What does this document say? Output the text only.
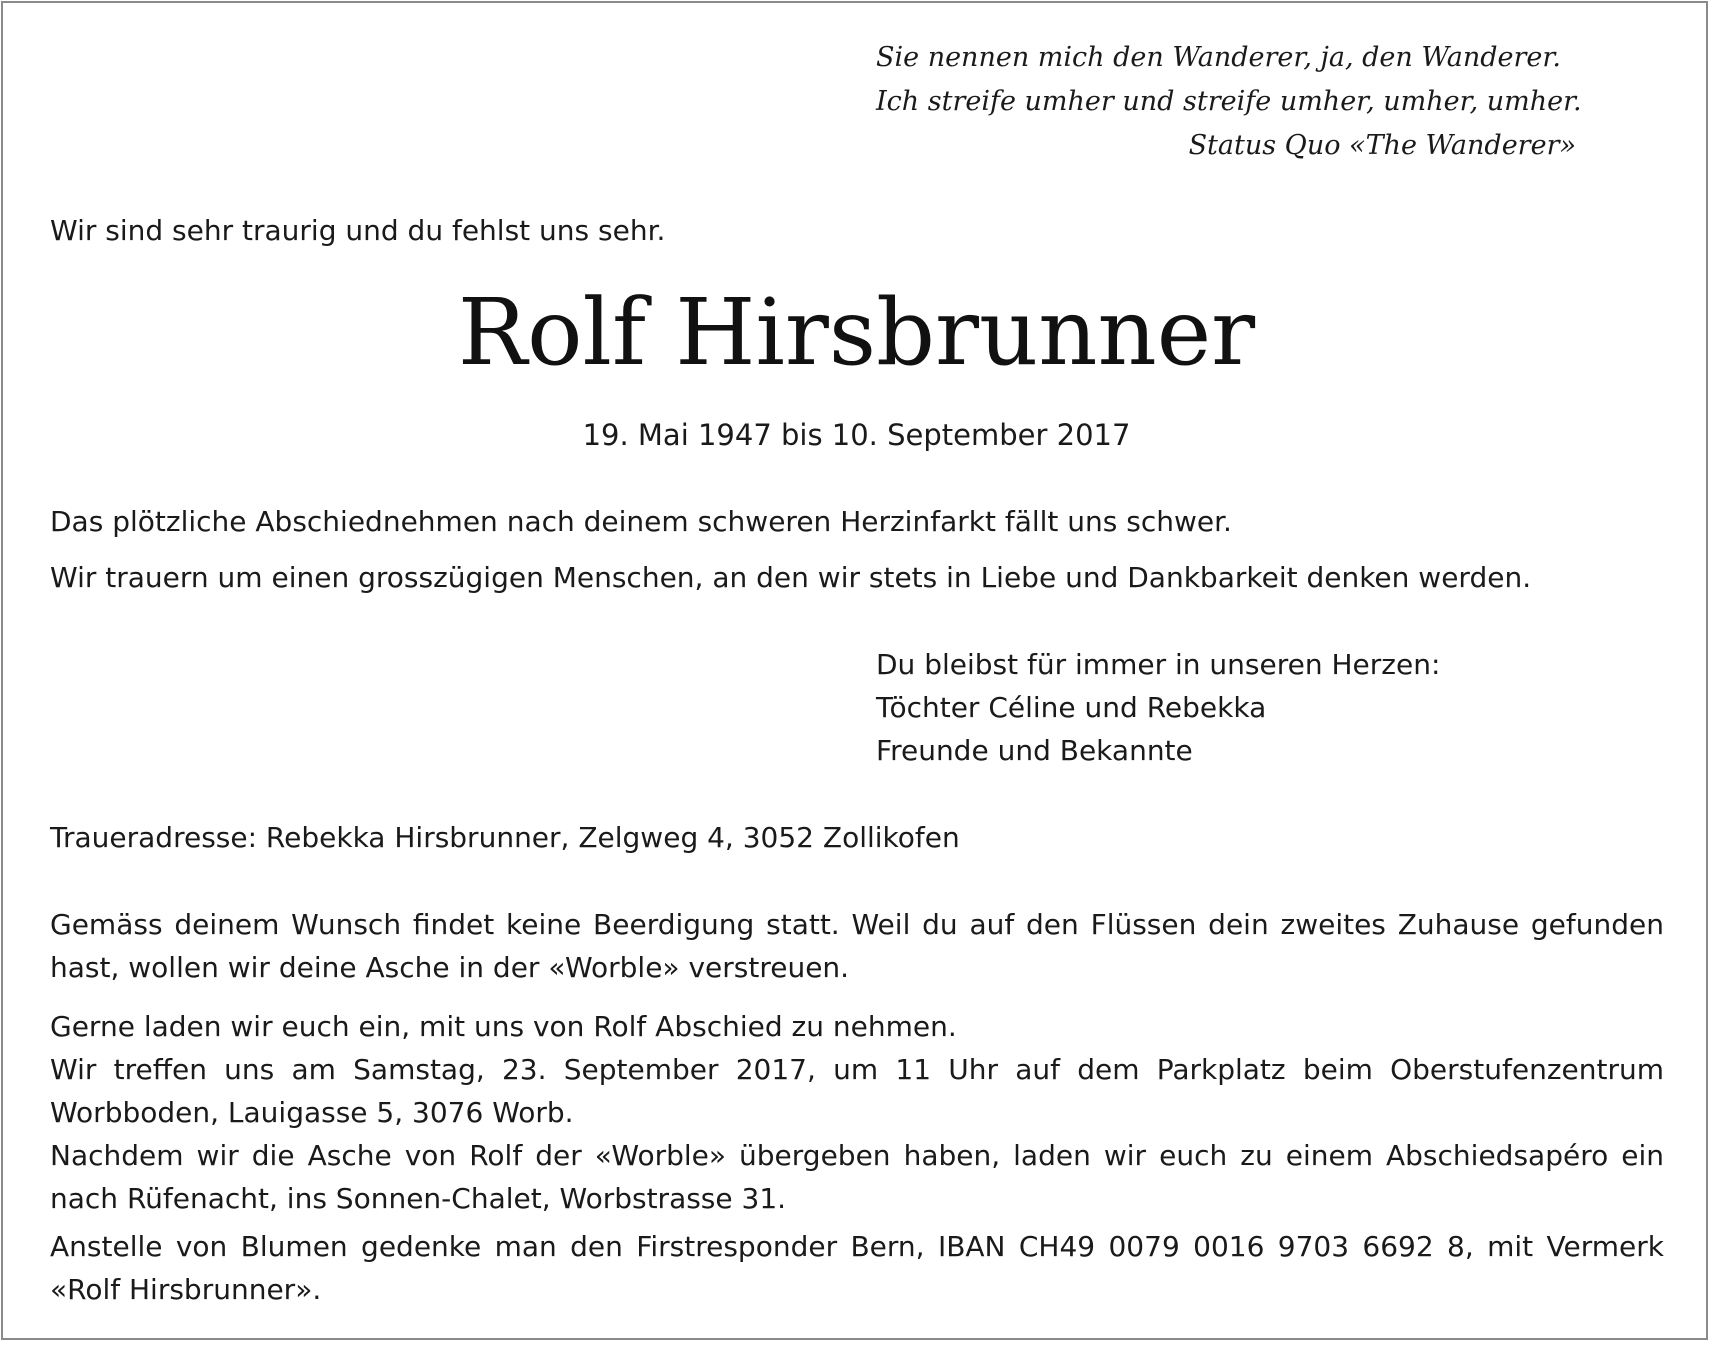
Sie nennen mich den Wanderer, ja, den Wanderer.
Ich streife umher und streife umher, umher, umher.
Status Quo «The Wanderer»
Wir sind sehr traurig und du fehlst uns sehr.
Rolf Hirsbrunner
19. Mai 1947 bis 10. September 2017
Das plötzliche Abschiednehmen nach deinem schweren Herzinfarkt fällt uns schwer.
Wir trauern um einen grosszügigen Menschen, an den wir stets in Liebe und Dankbarkeit denken werden.
Du bleibst für immer in unseren Herzen:
Töchter Céline und Rebekka
Freunde und Bekannte
Traueradresse: Rebekka Hirsbrunner, Zelgweg 4, 3052 Zollikofen
Gemäss deinem Wunsch findet keine Beerdigung statt. Weil du auf den Flüssen dein zweites Zuhause gefunden
hast, wollen wir deine Asche in der «Worble» verstreuen.
Gerne laden wir euch ein, mit uns von Rolf Abschied zu nehmen.
Wir treffen uns am Samstag, 23. September 2017, um 11 Uhr auf dem Parkplatz beim Oberstufenzentrum
Worbboden, Lauigasse 5, 3076 Worb.
Nachdem wir die Asche von Rolf der «Worble» übergeben haben, laden wir euch zu einem Abschiedsapéro ein
nach Rüfenacht, ins Sonnen-Chalet, Worbstrasse 31.
Anstelle von Blumen gedenke man den Firstresponder Bern, IBAN CH49 0079 0016 9703 6692 8, mit Vermerk
«Rolf Hirsbrunner».
